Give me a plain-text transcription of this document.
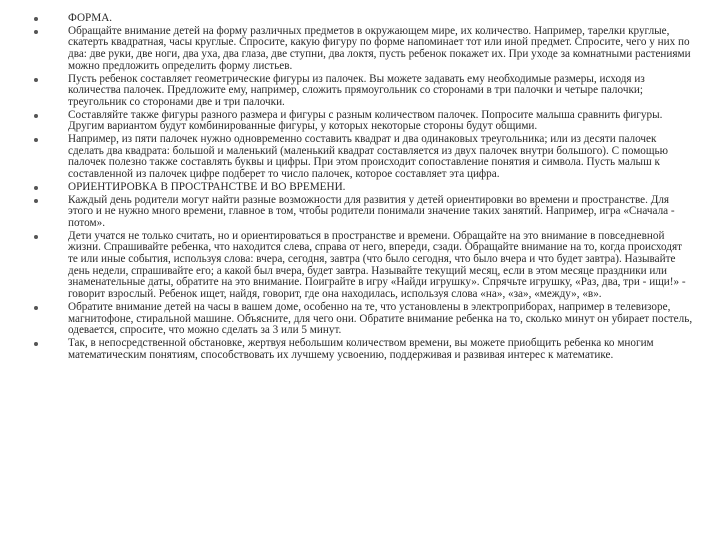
ФОРМА.
Обращайте внимание детей на форму различных предметов в окружающем мире, их количество. Например, тарелки круглые, скатерть квадратная, часы круглые. Спросите, какую фигуру по форме напоминает тот или иной предмет. Спросите, чего у них по два: две руки, две ноги, два уха, два глаза, две ступни, два локтя, пусть ребенок покажет их. При уходе за комнатными растениями можно предложить определить форму листьев.
Пусть ребенок составляет геометрические фигуры из палочек. Вы можете задавать ему необходимые размеры, исходя из количества палочек. Предложите ему, например, сложить прямоугольник со сторонами в три палочки и четыре палочки; треугольник со сторонами две и три палочки.
Составляйте также фигуры разного размера и фигуры с разным количеством палочек. Попросите малыша сравнить фигуры. Другим вариантом будут комбинированные фигуры, у которых некоторые стороны будут общими.
Например, из пяти палочек нужно одновременно составить квадрат и два одинаковых треугольника; или из десяти палочек сделать два квадрата: большой и маленький (маленький квадрат составляется из двух палочек внутри большого). С помощью палочек полезно также составлять буквы и цифры. При этом происходит сопоставление понятия и символа. Пусть малыш к составленной из палочек цифре подберет то число палочек, которое составляет эта цифра.
ОРИЕНТИРОВКА В ПРОСТРАНСТВЕ И ВО ВРЕМЕНИ.
Каждый день родители могут найти разные возможности для развития у детей ориентировки во времени и пространстве. Для этого и не нужно много времени, главное в том, чтобы родители понимали значение таких занятий. Например, игра «Сначала - потом».
Дети учатся не только считать, но и ориентироваться в пространстве и времени. Обращайте на это внимание в повседневной жизни. Спрашивайте ребенка, что находится слева, справа от него, впереди, сзади. Обращайте внимание на то, когда происходят те или иные события, используя слова: вчера, сегодня, завтра (что было сегодня, что было вчера и что будет завтра). Называйте день недели, спрашивайте его; а какой был вчера, будет завтра. Называйте текущий месяц, если в этом месяце праздники или знаменательные даты, обратите на это внимание. Поиграйте в игру «Найди игрушку». Спрячьте игрушку, «Раз, два, три - ищи!» - говорит взрослый. Ребенок ищет, найдя, говорит, где она находилась, используя слова «на», «за», «между», «в».
Обратите внимание детей на часы в вашем доме, особенно на те, что установлены в электроприборах, например в телевизоре, магнитофоне, стиральной машине. Объясните, для чего они. Обратите внимание ребенка на то, сколько минут он убирает постель, одевается, спросите, что можно сделать за 3 или 5 минут.
Так, в непосредственной обстановке, жертвуя небольшим количеством времени, вы можете приобщить ребенка ко многим математическим понятиям, способствовать их лучшему усвоению, поддерживая и развивая интерес к математике.
